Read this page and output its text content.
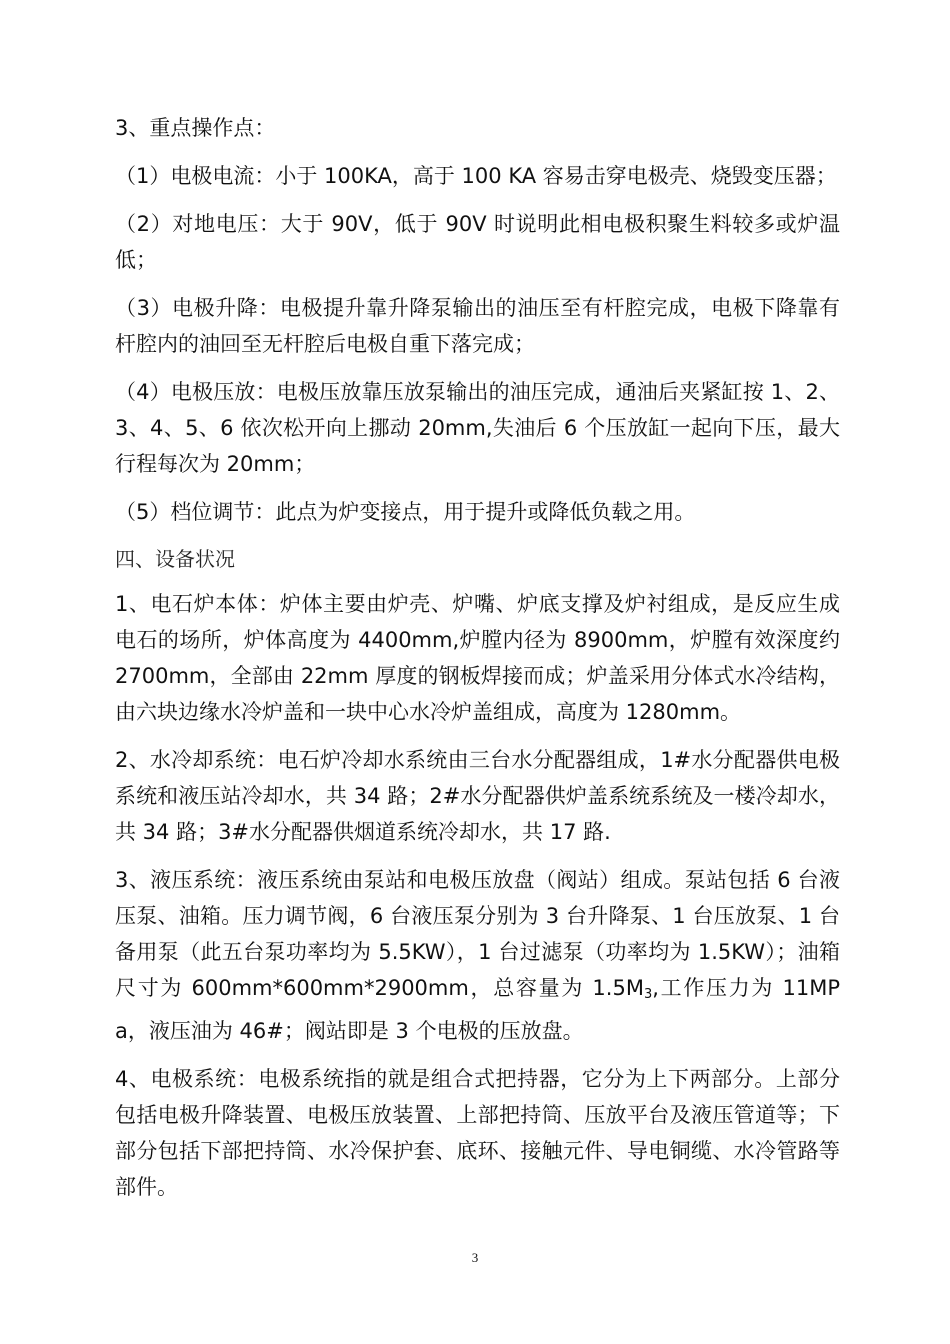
3、重点操作点：

（1）电极电流：小于 100KA，高于 100 KA 容易击穿电极壳、烧毁变压器；

（2）对地电压：大于 90V，低于 90V 时说明此相电极积聚生料较多或炉温低；

（3）电极升降：电极提升靠升降泵输出的油压至有杆腔完成，电极下降靠有杆腔内的油回至无杆腔后电极自重下落完成；

（4）电极压放：电极压放靠压放泵输出的油压完成，通油后夹紧缸按 1、2、3、4、5、6 依次松开向上挪动 20mm,失油后 6 个压放缸一起向下压，最大行程每次为 20mm；

（5）档位调节：此点为炉变接点，用于提升或降低负载之用。

四、设备状况

1、电石炉本体：炉体主要由炉壳、炉嘴、炉底支撑及炉衬组成，是反应生成电石的场所，炉体高度为 4400mm,炉膛内径为 8900mm，炉膛有效深度约 2700mm，全部由 22mm 厚度的钢板焊接而成；炉盖采用分体式水冷结构，由六块边缘水冷炉盖和一块中心水冷炉盖组成，高度为 1280mm。

2、水冷却系统：电石炉冷却水系统由三台水分配器组成，1#水分配器供电极系统和液压站冷却水，共 34 路；2#水分配器供炉盖系统系统及一楼冷却水，共 34 路；3#水分配器供烟道系统冷却水，共 17 路.

3、液压系统：液压系统由泵站和电极压放盘（阀站）组成。泵站包括 6 台液压泵、油箱。压力调节阀，6 台液压泵分别为 3 台升降泵、1 台压放泵、1 台备用泵（此五台泵功率均为 5.5KW），1 台过滤泵（功率均为 1.5KW）；油箱尺寸为 600mm*600mm*2900mm，总容量为 $1.5M_3$,工作压力为 11MPa，液压油为 46#；阀站即是 3 个电极的压放盘。

4、电极系统：电极系统指的就是组合式把持器，它分为上下两部分。上部分包括电极升降装置、电极压放装置、上部把持筒、压放平台及液压管道等；下部分包括下部把持筒、水冷保护套、底环、接触元件、导电铜缆、水冷管路等部件。

3
